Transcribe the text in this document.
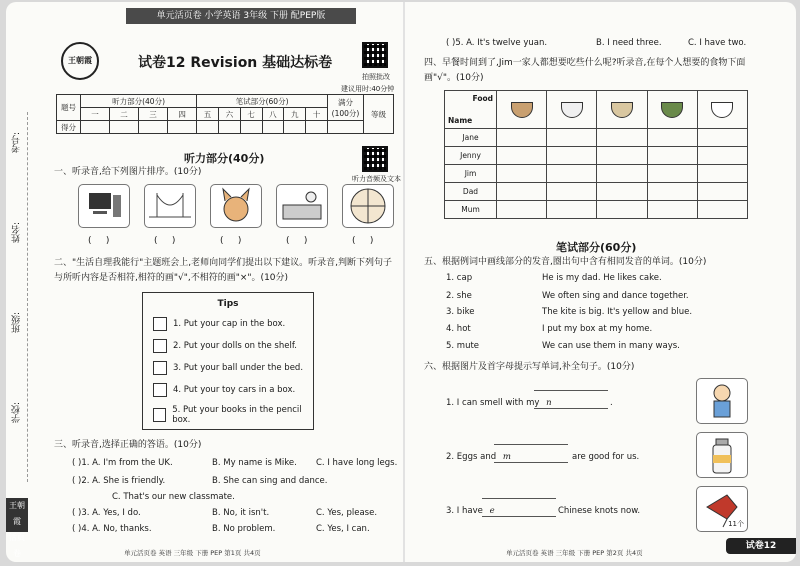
单元活页卷 小学英语 3年级 下册 配PEP版
考号:
姓名:
班级:
学校:
王朝霞
活页卷
王朝霞	试卷12 Revision 基础达标卷
拍照批改
建议用时:40分钟
题号	听力部分(40分)				笔试部分(60分)						满分
(100分)	等级
	一	二	三	四	五	六	七	八	九	十		
得分												
听力部分(40分)
听力音频及文本
一、听录音,给下列图片排序。(10分)
(     )	(     )	(     )	(     )	(     )
二、"生活自理我能行"主题班会上,老师向同学们提出以下建议。听录音,判断下列句子与所听内容是否相符,相符的画"√",不相符的画"×"。(10分)
Tips
1. Put your cap in the box.
2. Put your dolls on the shelf.
3. Put your ball under the bed.
4. Put your toy cars in a box.
5. Put your books in the pencil box.
三、听录音,选择正确的答语。(10分)
( )1. A. I'm from the UK.	B. My name is Mike.	C. I have long legs.
( )2. A. She is friendly.	B. She can sing and dance.
C. That's our new classmate.
( )3. A. Yes, I do.	B. No, it isn't.	C. Yes, please.
( )4. A. No, thanks.	B. No problem.	C. Yes, I can.
单元活页卷 英语 三年级 下册 PEP 第1页 共4页
( )5. A. It's twelve yuan.	B. I need three.	C. I have two.
四、早餐时间到了,Jim一家人都想要吃些什么呢?听录音,在每个人想要的食物下面画"√"。(10分)
Food
Name					

Jane					
Jenny					
Jim					
Dad					
Mum					
笔试部分(60分)
五、根据例词中画线部分的发音,圈出句中含有相同发音的单词。(10分)
1. cap	He is my dad. He likes cake.
2. she	We often sing and dance together.
3. bike	The kite is big. It's yellow and blue.
4. hot	I put my box at my home.
5. mute	We can use them in many ways.
六、根据图片及首字母提示写单词,补全句子。(10分)
1. I can smell with my n	.
2. Eggs and m	are good for us.
3. I have e	Chinese knots now.
11个
单元活页卷 英语 三年级 下册 PEP 第2页 共4页
试卷12
